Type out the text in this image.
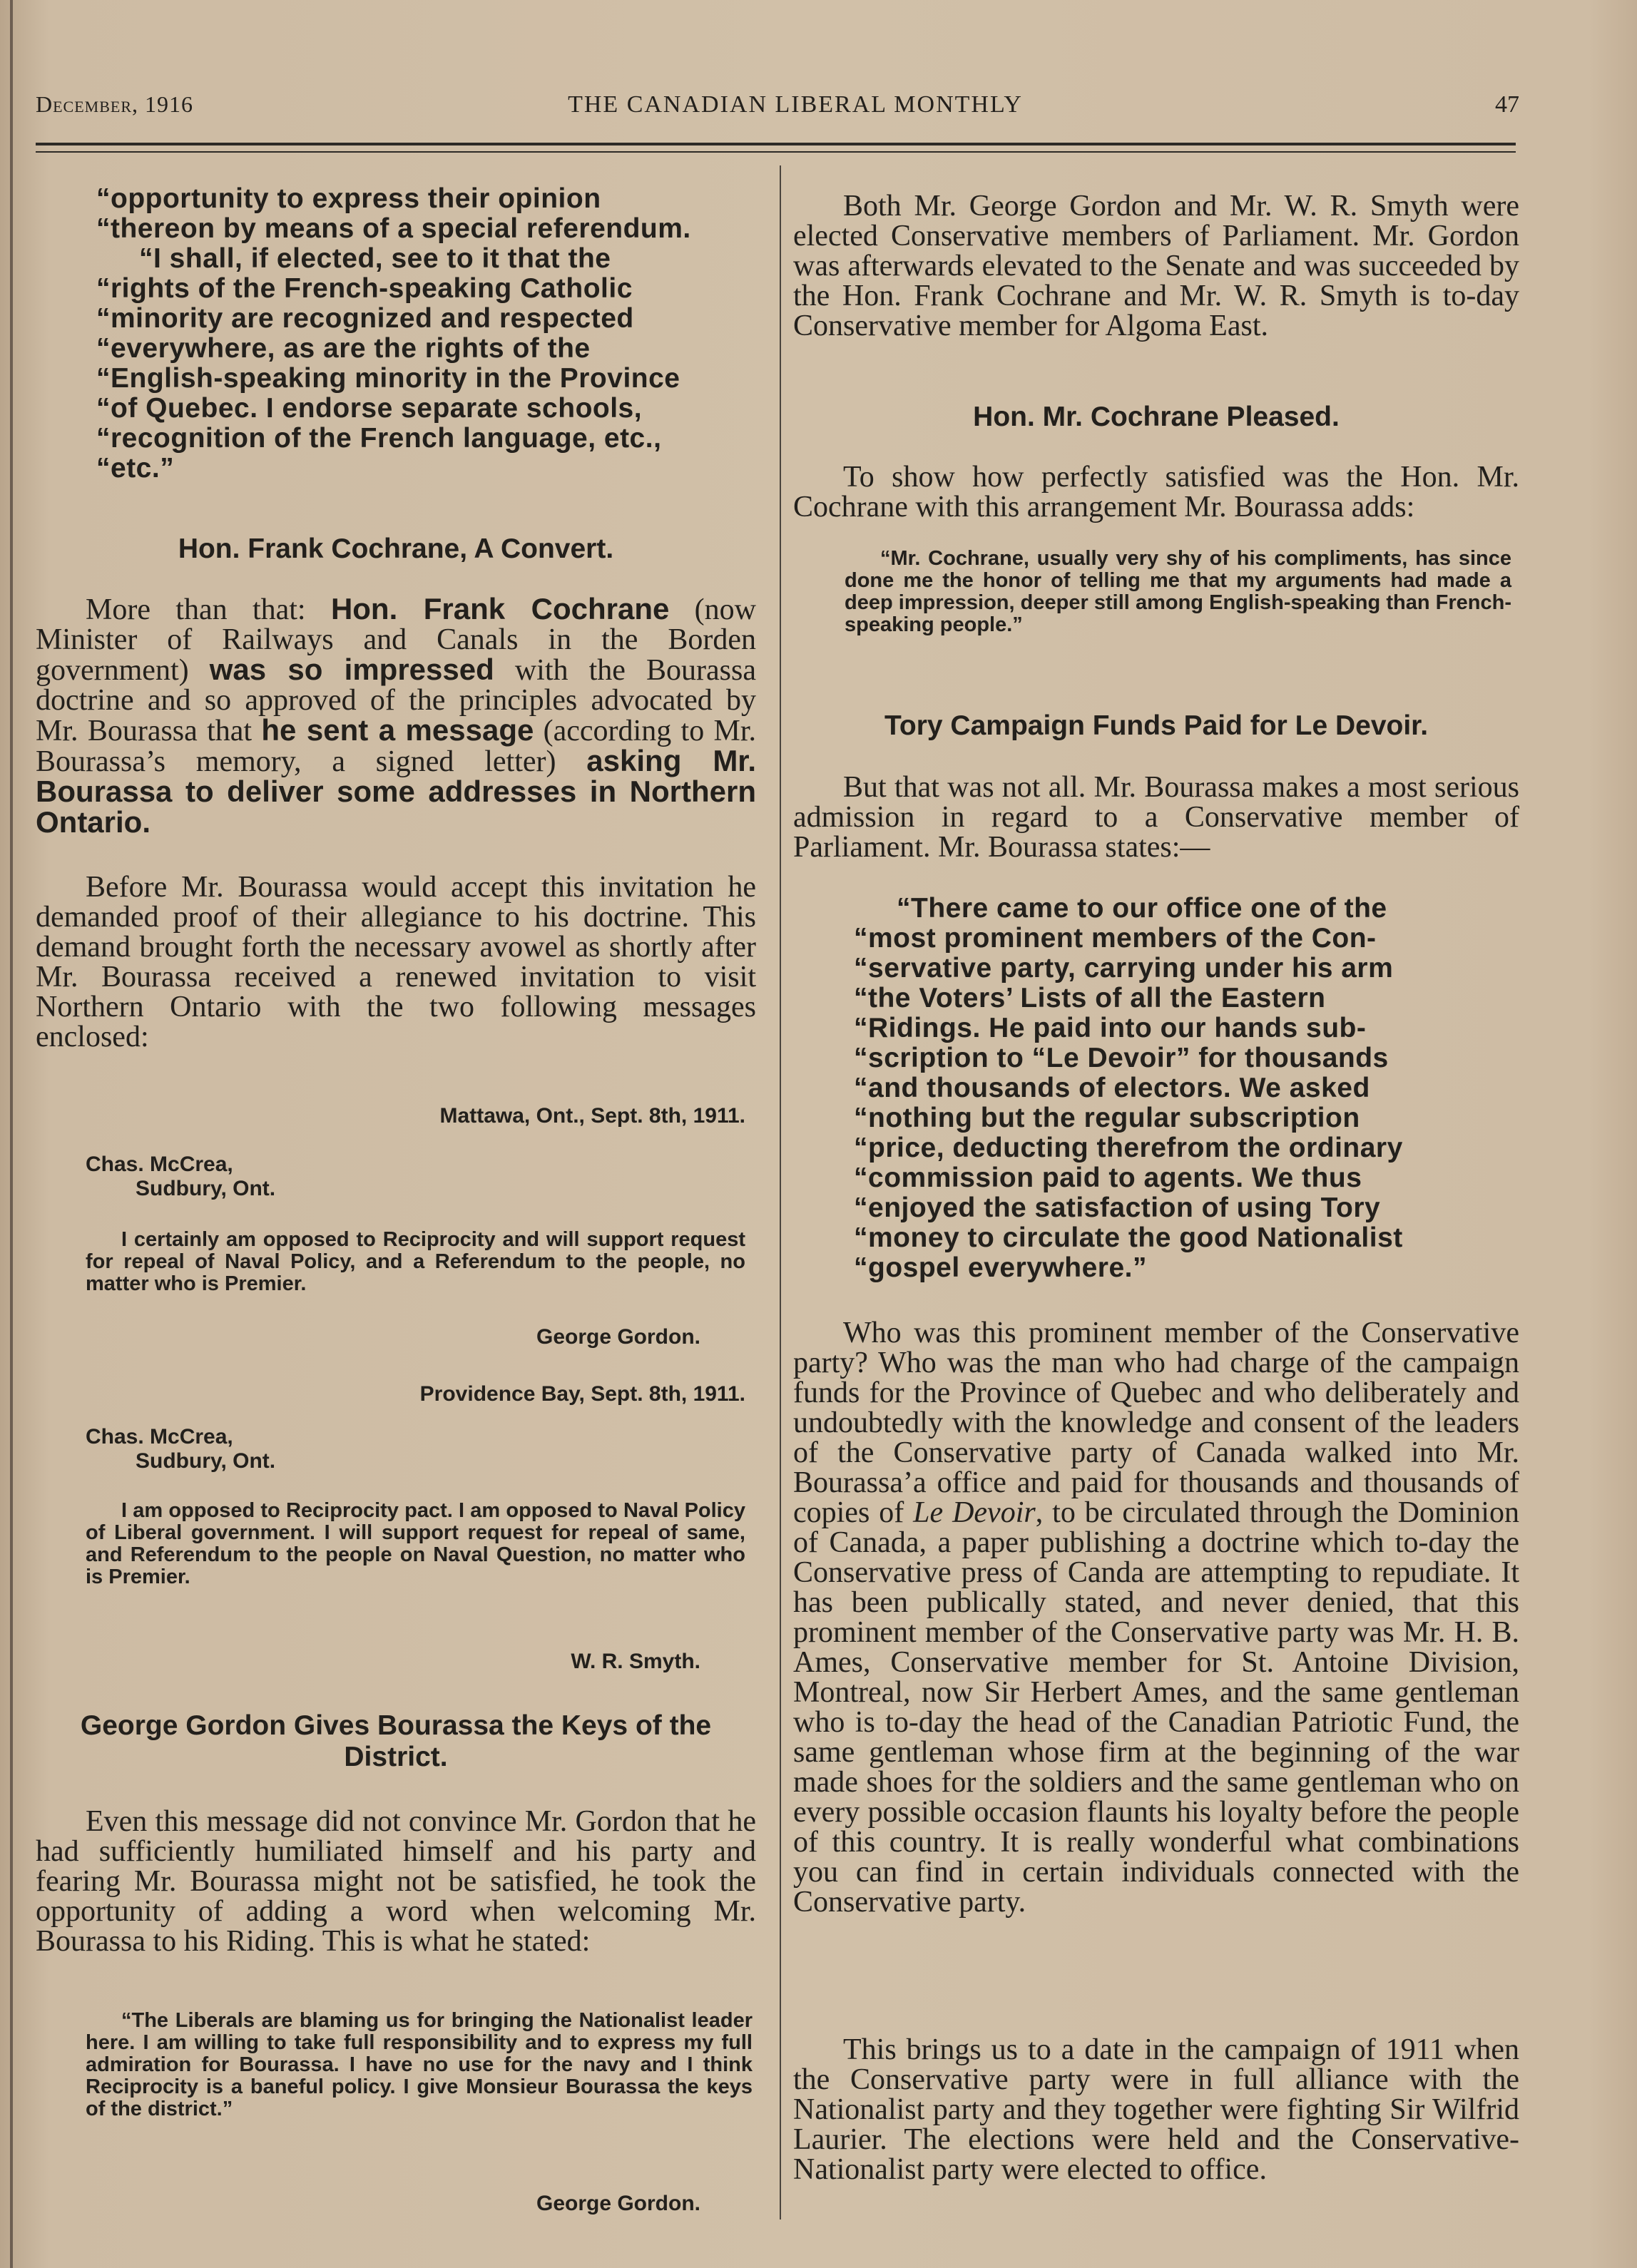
December, 1916	THE CANADIAN LIBERAL MONTHLY	47

“opportunity to express their opinion

“thereon by means of a special referendum.

“I shall, if elected, see to it that the

“rights of the French-speaking Catholic

“minority are recognized and respected

“everywhere, as are the rights of the

“English-speaking minority in the Province

“of Quebec. I endorse separate schools,

“recognition of the French language, etc.,

“etc.”

Hon. Frank Cochrane, A Convert.

More than that: Hon. Frank Cochrane (now Minister of Railways and Canals in the Borden government) was so impressed with the Bourassa doctrine and so approved of the principles advocated by Mr. Bourassa that he sent a message (according to Mr. Bourassa’s memory, a signed letter) asking Mr. Bourassa to deliver some addresses in Northern Ontario.

Before Mr. Bourassa would accept this invitation he demanded proof of their allegiance to his doctrine. This demand brought forth the necessary avowel as shortly after Mr. Bourassa received a renewed invitation to visit Northern Ontario with the two following messages enclosed:

Mattawa, Ont., Sept. 8th, 1911.

Chas. McCrea,

Sudbury, Ont.

I certainly am opposed to Reciprocity and will support request for repeal of Naval Policy, and a Referendum to the people, no matter who is Premier.

George Gordon.

Providence Bay, Sept. 8th, 1911.

Chas. McCrea,

Sudbury, Ont.

I am opposed to Reciprocity pact. I am opposed to Naval Policy of Liberal government. I will support request for repeal of same, and Referendum to the people on Naval Question, no matter who is Premier.

W. R. Smyth.

George Gordon Gives Bourassa the Keys of the

District.

Even this message did not convince Mr. Gordon that he had sufficiently humiliated himself and his party and fearing Mr. Bourassa might not be satisfied, he took the opportunity of adding a word when welcoming Mr. Bourassa to his Riding. This is what he stated:

“The Liberals are blaming us for bringing the Nationalist leader here. I am willing to take full responsibility and to express my full admiration for Bourassa. I have no use for the navy and I think Reciprocity is a baneful policy. I give Monsieur Bourassa the keys of the district.”

George Gordon.

Both Mr. George Gordon and Mr. W. R. Smyth were elected Conservative members of Parliament. Mr. Gordon was afterwards elevated to the Senate and was succeeded by the Hon. Frank Cochrane and Mr. W. R. Smyth is to-day Conservative member for Algoma East.

Hon. Mr. Cochrane Pleased.

To show how perfectly satisfied was the Hon. Mr. Cochrane with this arrangement Mr. Bourassa adds:

“Mr. Cochrane, usually very shy of his compliments, has since done me the honor of telling me that my arguments had made a deep impression, deeper still among English-speaking than French-speaking people.”

Tory Campaign Funds Paid for Le Devoir.

But that was not all. Mr. Bourassa makes a most serious admission in regard to a Conservative member of Parliament. Mr. Bourassa states:—

“There came to our office one of the

“most prominent members of the Con-

“servative party, carrying under his arm

“the Voters’ Lists of all the Eastern

“Ridings. He paid into our hands sub-

“scription to “Le Devoir” for thousands

“and thousands of electors. We asked

“nothing but the regular subscription

“price, deducting therefrom the ordinary

“commission paid to agents. We thus

“enjoyed the satisfaction of using Tory

“money to circulate the good Nationalist

“gospel everywhere.”

Who was this prominent member of the Conservative party? Who was the man who had charge of the campaign funds for the Province of Quebec and who deliberately and undoubtedly with the knowledge and consent of the leaders of the Conservative party of Canada walked into Mr. Bourassa’a office and paid for thousands and thousands of copies of Le Devoir, to be circulated through the Dominion of Canada, a paper publishing a doctrine which to-day the Conservative press of Canda are attempting to repudiate. It has been publically stated, and never denied, that this prominent member of the Conservative party was Mr. H. B. Ames, Conservative member for St. Antoine Division, Montreal, now Sir Herbert Ames, and the same gentleman who is to-day the head of the Canadian Patriotic Fund, the same gentleman whose firm at the beginning of the war made shoes for the soldiers and the same gentleman who on every possible occasion flaunts his loyalty before the people of this country. It is really wonderful what combinations you can find in certain individuals connected with the Conservative party.

This brings us to a date in the campaign of 1911 when the Conservative party were in full alliance with the Nationalist party and they together were fighting Sir Wilfrid Laurier. The elections were held and the Conservative-Nationalist party were elected to office.
